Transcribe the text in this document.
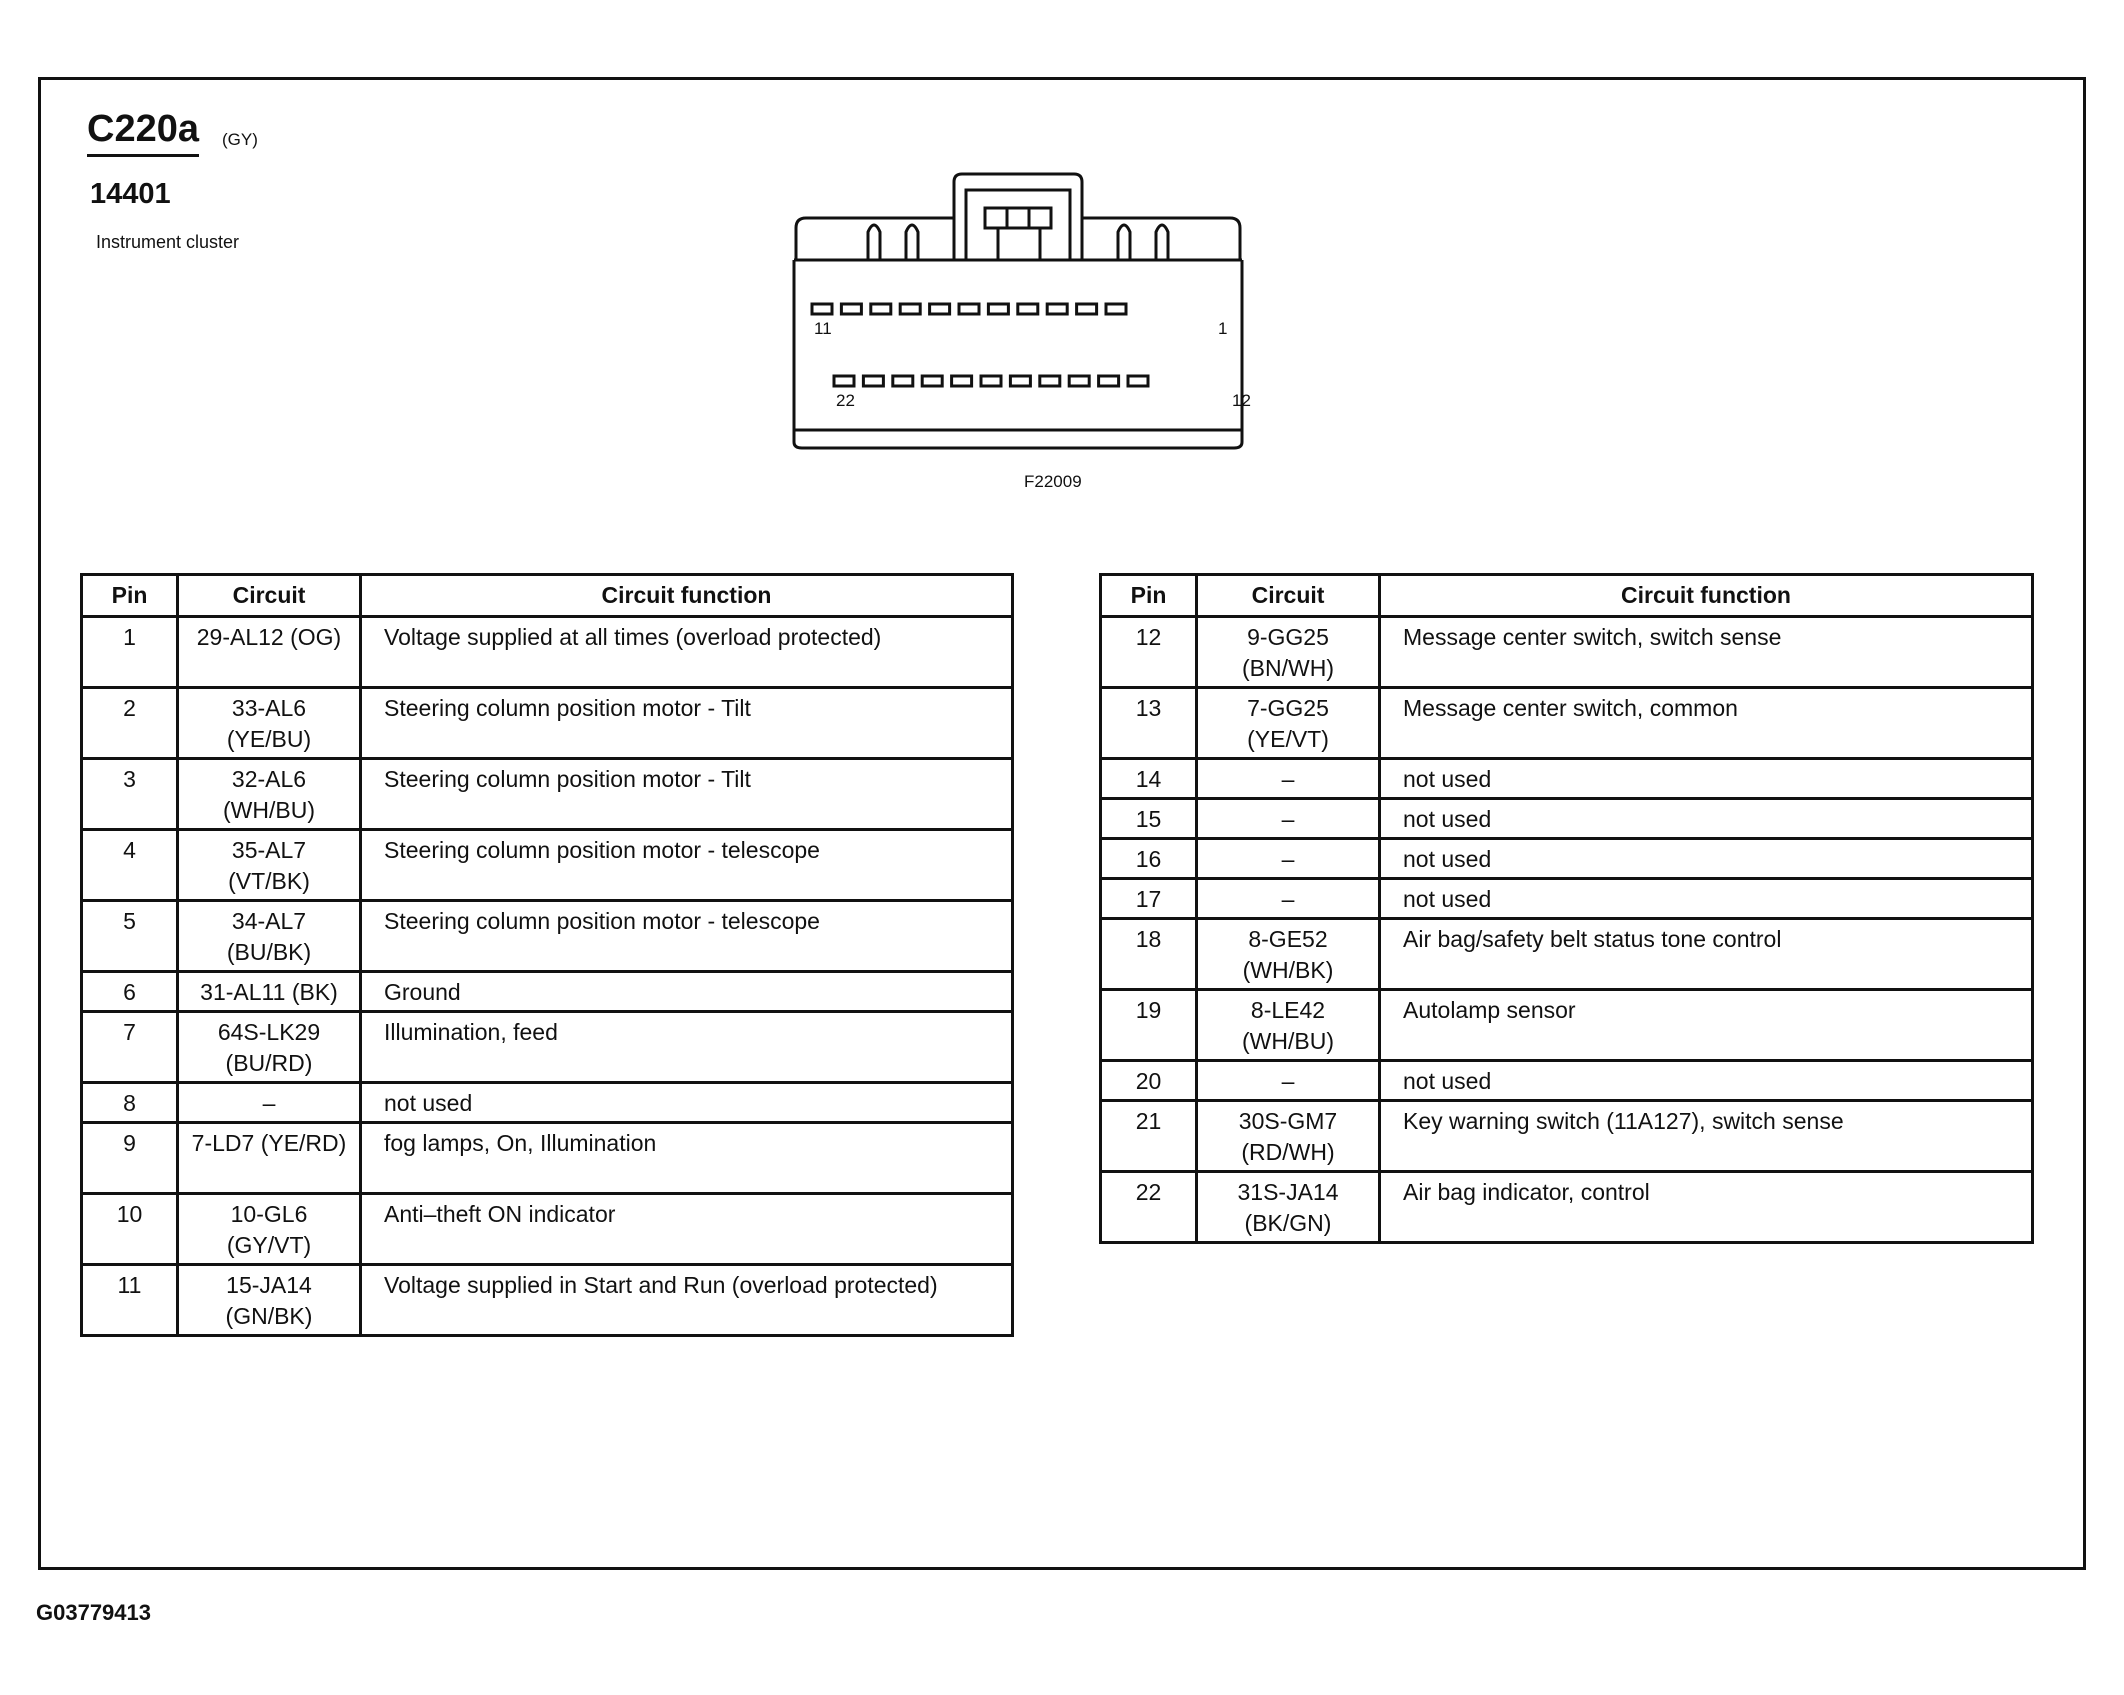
C220a (GY)
14401
Instrument cluster
11	1
22	12
F22009
Pin	Circuit	Circuit function
1	29-AL12 (OG)	Voltage supplied at all times (overload protected)
2	33-AL6
(YE/BU)	Steering column position motor - Tilt
3	32-AL6
(WH/BU)	Steering column position motor - Tilt
4	35-AL7
(VT/BK)	Steering column position motor - telescope
5	34-AL7
(BU/BK)	Steering column position motor - telescope
6	31-AL11 (BK)	Ground
7	64S-LK29
(BU/RD)	Illumination, feed
8	–	not used
9	7-LD7 (YE/RD)	fog lamps, On, Illumination
10	10-GL6
(GY/VT)	Anti–theft ON indicator
11	15-JA14
(GN/BK)	Voltage supplied in Start and Run (overload protected)
Pin	Circuit	Circuit function
12	9-GG25
(BN/WH)	Message center switch, switch sense
13	7-GG25
(YE/VT)	Message center switch, common
14	–	not used
15	–	not used
16	–	not used
17	–	not used
18	8-GE52
(WH/BK)	Air bag/safety belt status tone control
19	8-LE42
(WH/BU)	Autolamp sensor
20	–	not used
21	30S-GM7
(RD/WH)	Key warning switch (11A127), switch sense
22	31S-JA14
(BK/GN)	Air bag indicator, control
G03779413
